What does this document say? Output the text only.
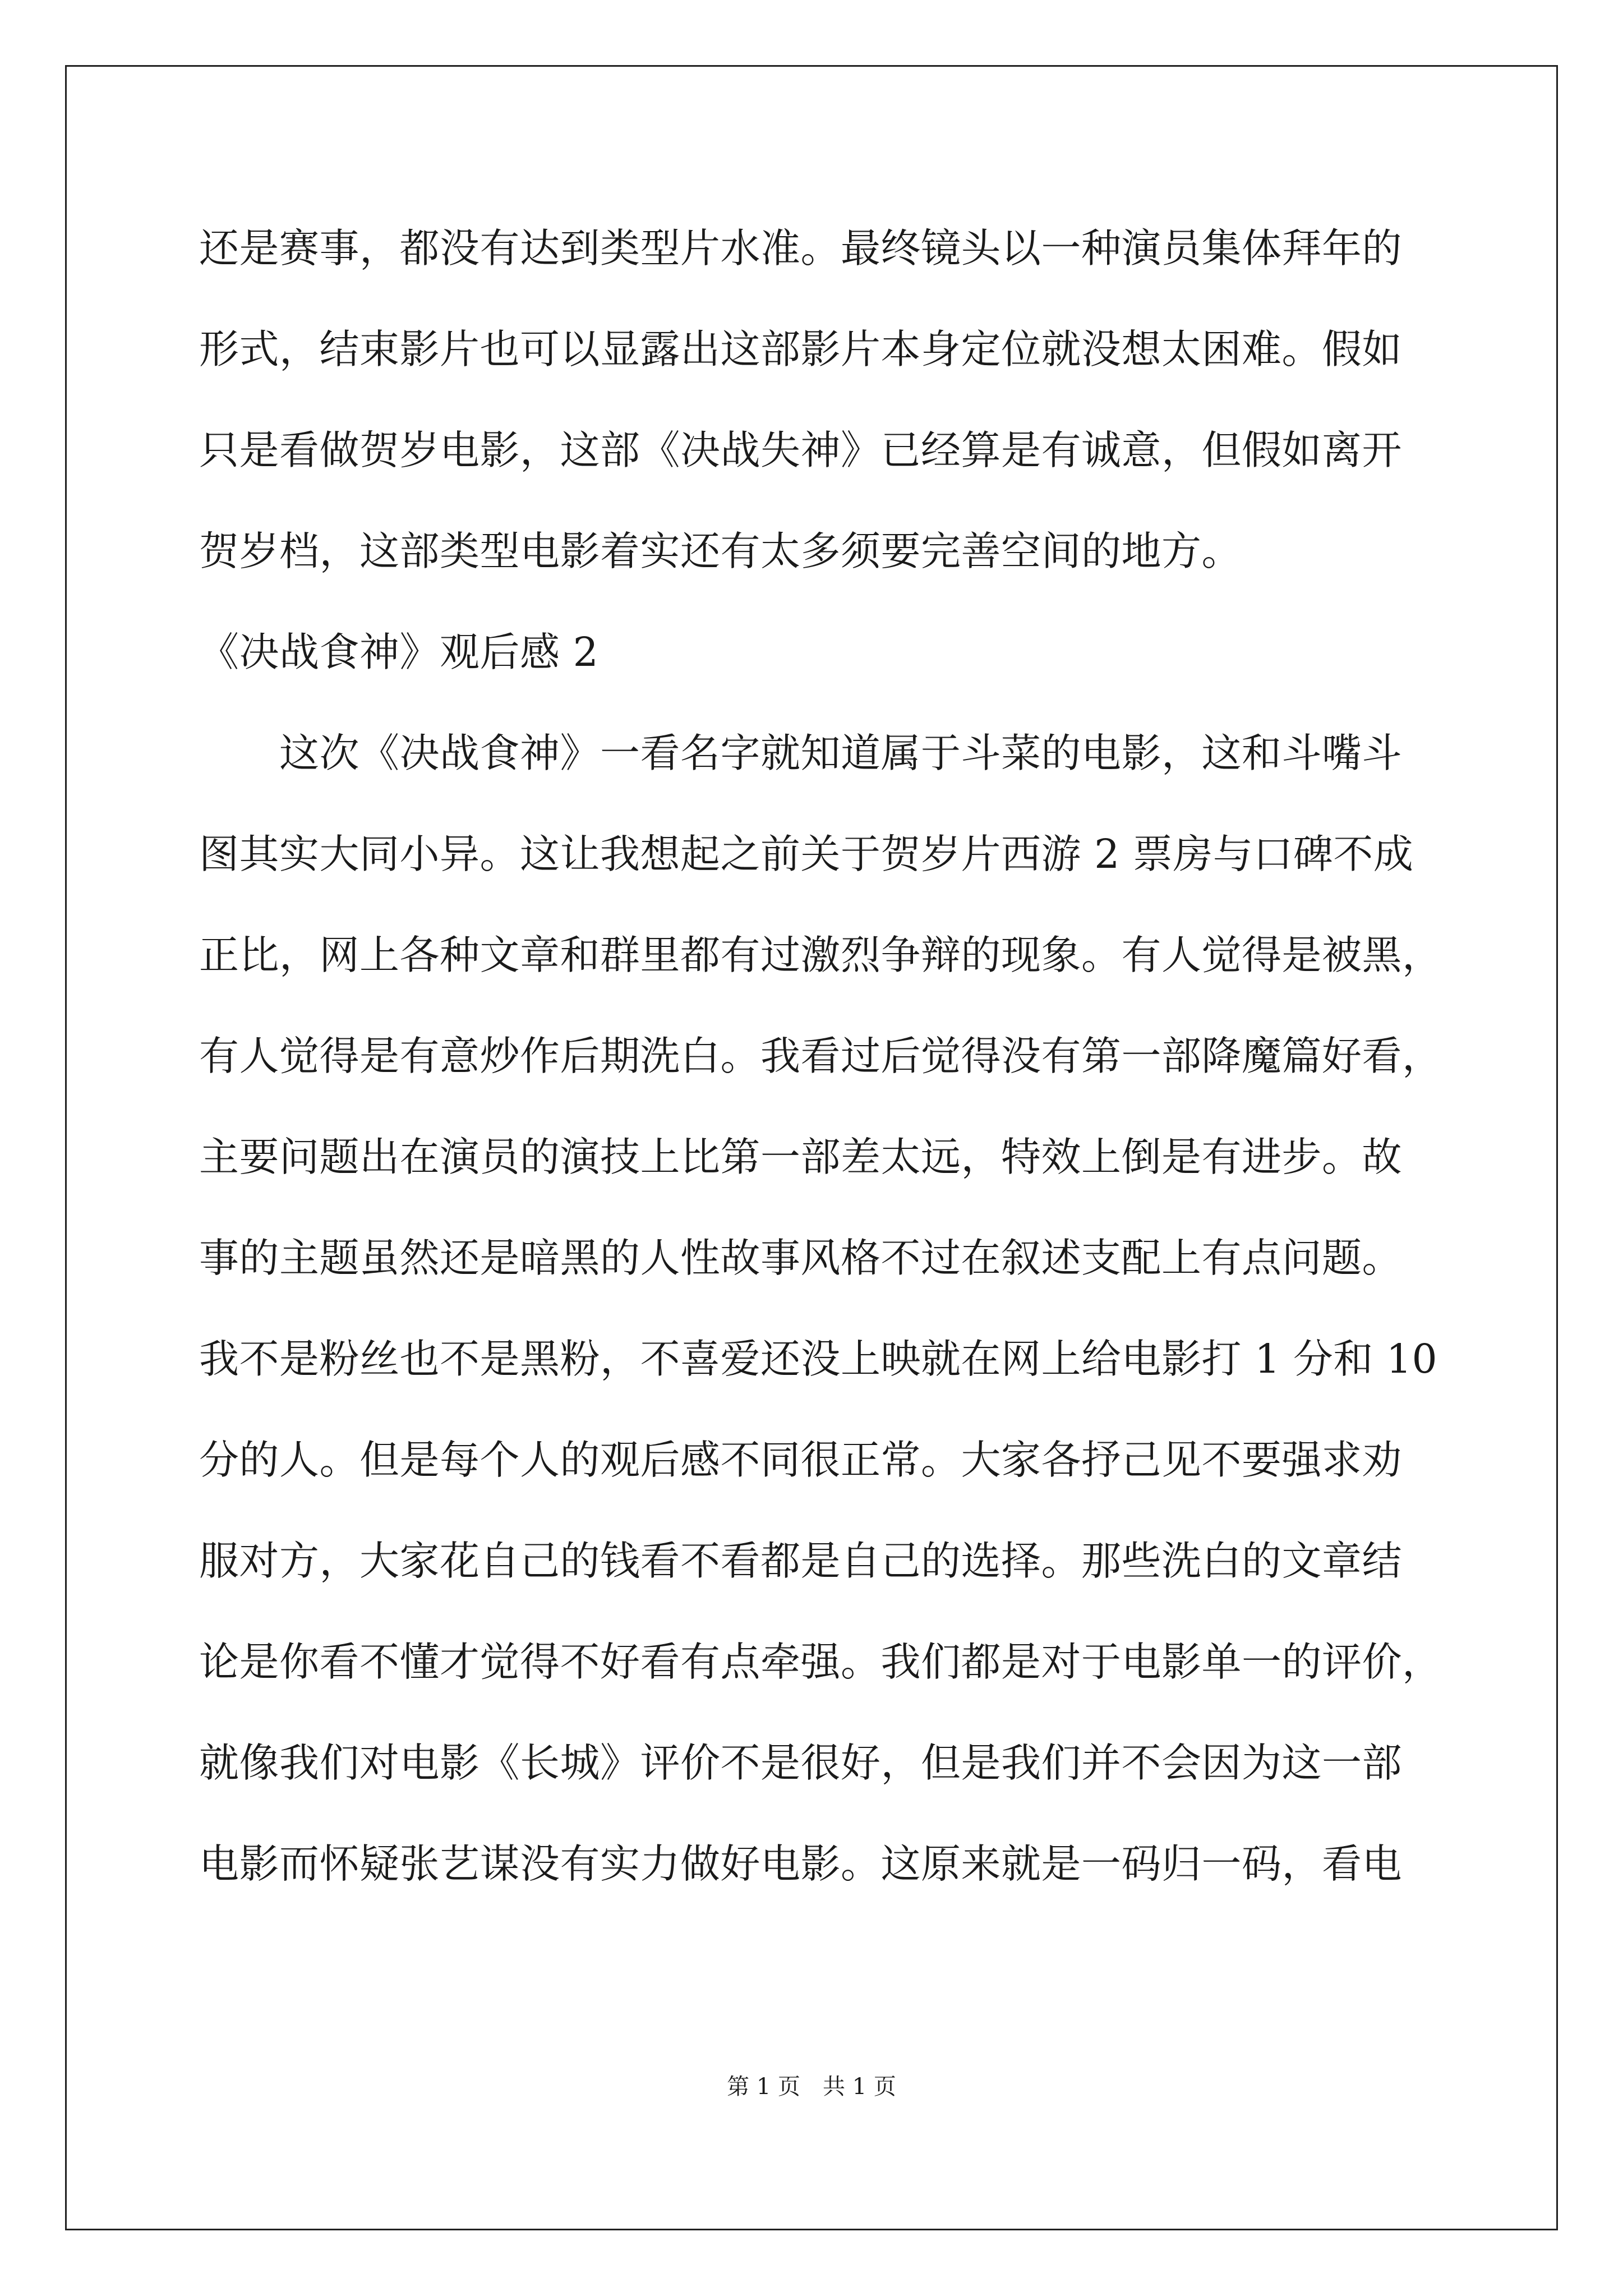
还是赛事，都没有达到类型片水准。最终镜头以一种演员集体拜年的
形式，结束影片也可以显露出这部影片本身定位就没想太困难。假如
只是看做贺岁电影，这部《决战失神》已经算是有诚意，但假如离开
贺岁档，这部类型电影着实还有太多须要完善空间的地方。
《决战食神》观后感 2
　　这次《决战食神》一看名字就知道属于斗菜的电影，这和斗嘴斗
图其实大同小异。这让我想起之前关于贺岁片西游 2 票房与口碑不成
正比，网上各种文章和群里都有过激烈争辩的现象。有人觉得是被黑，
有人觉得是有意炒作后期洗白。我看过后觉得没有第一部降魔篇好看，
主要问题出在演员的演技上比第一部差太远，特效上倒是有进步。故
事的主题虽然还是暗黑的人性故事风格不过在叙述支配上有点问题。
我不是粉丝也不是黑粉，不喜爱还没上映就在网上给电影打 1 分和 10
分的人。但是每个人的观后感不同很正常。大家各抒己见不要强求劝
服对方，大家花自己的钱看不看都是自己的选择。那些洗白的文章结
论是你看不懂才觉得不好看有点牵强。我们都是对于电影单一的评价，
就像我们对电影《长城》评价不是很好，但是我们并不会因为这一部
电影而怀疑张艺谋没有实力做好电影。这原来就是一码归一码，看电
第 1 页　共 1 页
